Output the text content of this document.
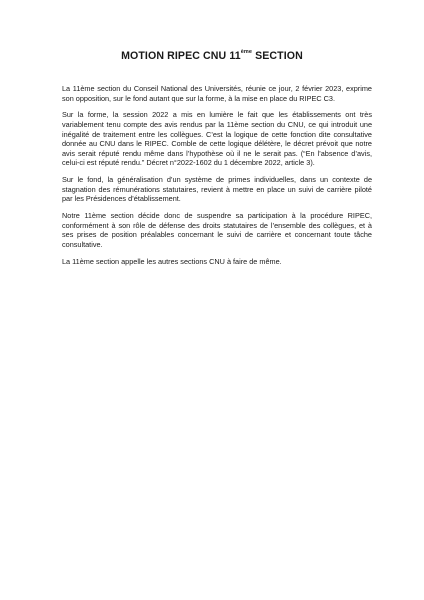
MOTION RIPEC CNU 11ème SECTION

La 11ème section du Conseil National des Universités, réunie ce jour, 2 février 2023, exprime son opposition, sur le fond autant que sur la forme, à la mise en place du RIPEC C3.

Sur la forme, la session 2022 a mis en lumière le fait que les établissements ont très variablement tenu compte des avis rendus par la 11ème section du CNU, ce qui introduit une inégalité de traitement entre les collègues. C’est la logique de cette fonction dite consultative donnée au CNU dans le RIPEC. Comble de cette logique délétère, le décret prévoit que notre avis serait réputé rendu même dans l’hypothèse où il ne le serait pas. (“En l’absence d’avis, celui-ci est réputé rendu.” Décret n°2022-1602 du 1 décembre 2022, article 3).

Sur le fond, la généralisation d’un système de primes individuelles, dans un contexte de stagnation des rémunérations statutaires, revient à mettre en place un suivi de carrière piloté par les Présidences d’établissement.

Notre 11ème section décide donc de suspendre sa participation à la procédure RIPEC, conformément à son rôle de défense des droits statutaires de l’ensemble des collègues, et à ses prises de position préalables concernant le suivi de carrière et concernant toute tâche consultative.

La 11ème section appelle les autres sections CNU à faire de même.
